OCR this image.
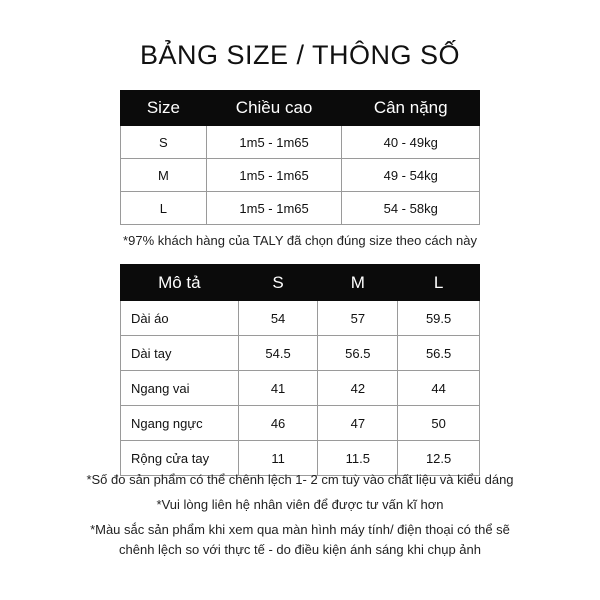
BẢNG SIZE / THÔNG SỐ
Size	Chiều cao	Cân nặng
S	1m5 - 1m65	40 - 49kg
M	1m5 - 1m65	49 - 54kg
L	1m5 - 1m65	54 - 58kg
*97% khách hàng của TALY đã chọn đúng size theo cách này
Mô tả	S	M	L
Dài áo	54	57	59.5
Dài tay	54.5	56.5	56.5
Ngang vai	41	42	44
Ngang ngực	46	47	50
Rộng cửa tay	11	11.5	12.5
*Số đo sản phẩm có thể chênh lệch 1- 2 cm tuỳ vào chất liệu và kiểu dáng
*Vui lòng liên hệ nhân viên để được tư vấn kĩ hơn
*Màu sắc sản phẩm khi xem qua màn hình máy tính/ điện thoại có thể sẽ
chênh lệch so với thực tế - do điều kiện ánh sáng khi chụp ảnh
